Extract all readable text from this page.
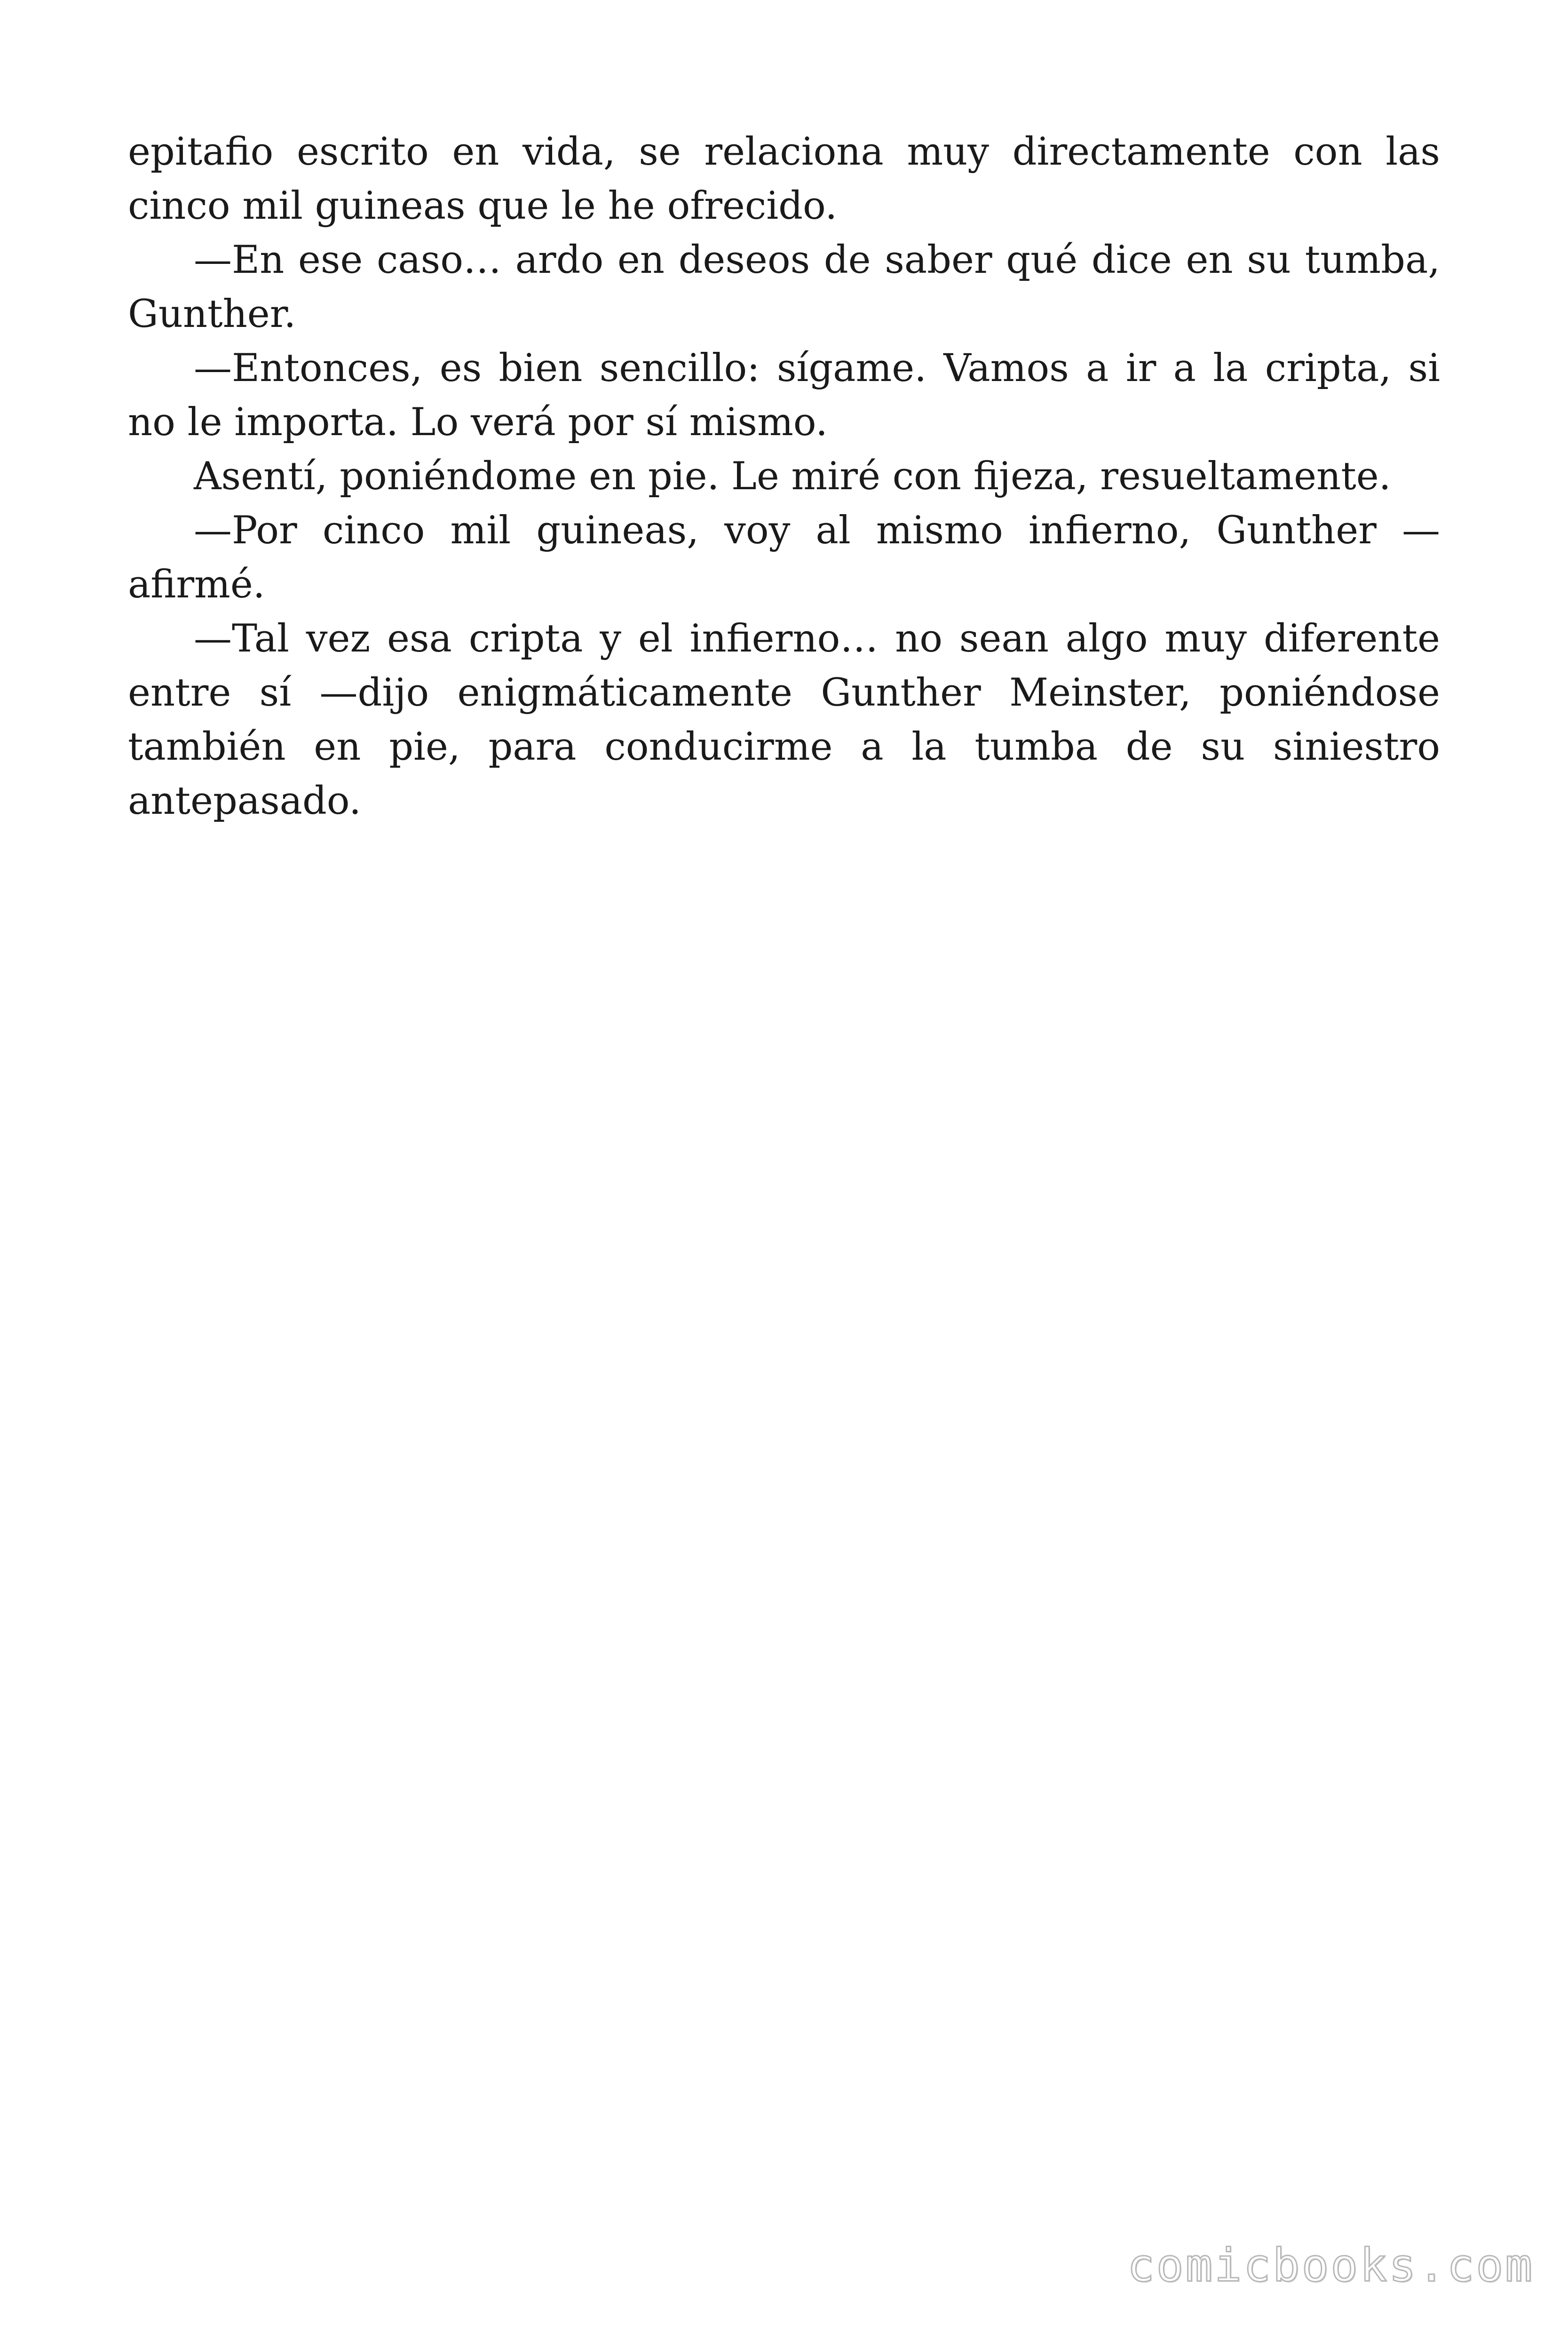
epitafio escrito en vida, se relaciona muy directamente con las cinco mil guineas que le he ofrecido.

—En ese caso… ardo en deseos de saber qué dice en su tumba, Gunther.

—Entonces, es bien sencillo: sígame. Vamos a ir a la cripta, si no le importa. Lo verá por sí mismo.

Asentí, poniéndome en pie. Le miré con fijeza, resueltamente.

—Por cinco mil guineas, voy al mismo infierno, Gunther —afirmé.

—Tal vez esa cripta y el infierno… no sean algo muy diferente entre sí —dijo enigmáticamente Gunther Meinster, poniéndose también en pie, para conducirme a la tumba de su siniestro antepasado.

comicbooks.com
